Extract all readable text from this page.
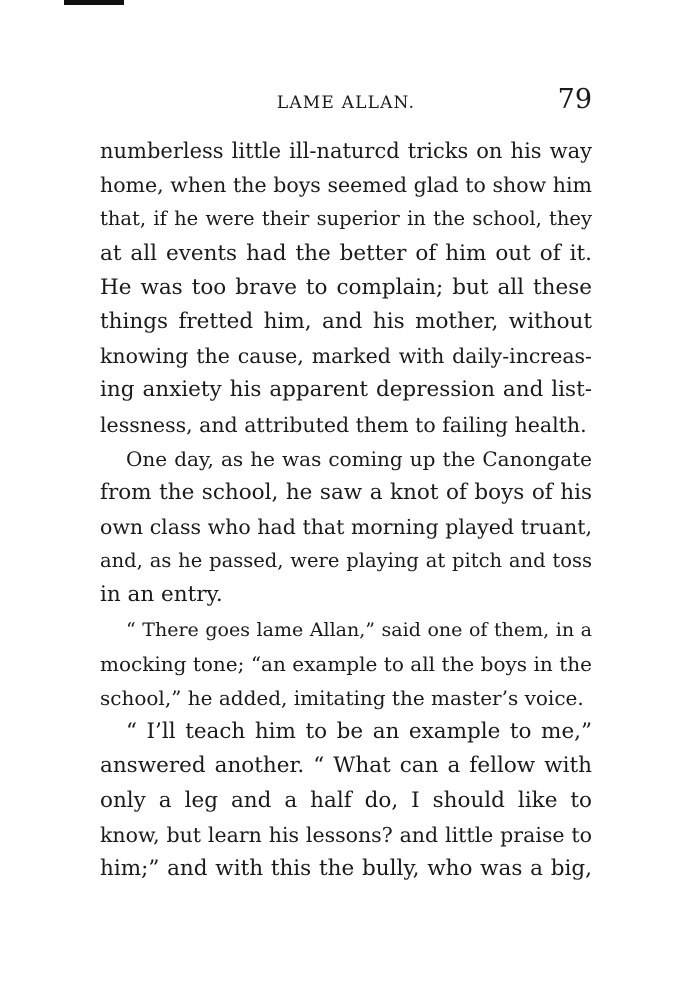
LAME ALLAN.	79
numberless little ill-naturcd tricks on his way
home, when the boys seemed glad to show him
that, if he were their superior in the school, they
at all events had the better of him out of it.
He was too brave to complain; but all these
things fretted him, and his mother, without
knowing the cause, marked with daily-increas-
ing anxiety his apparent depression and list-
lessness, and attributed them to failing health.
One day, as he was coming up the Canongate
from the school, he saw a knot of boys of his
own class who had that morning played truant,
and, as he passed, were playing at pitch and toss
in an entry.
“ There goes lame Allan,” said one of them, in a
mocking tone; “an example to all the boys in the
school,” he added, imitating the master’s voice.
“ I’ll teach him to be an example to me,”
answered another. “ What can a fellow with
only a leg and a half do, I should like to
know, but learn his lessons? and little praise to
him;” and with this the bully, who was a big,
